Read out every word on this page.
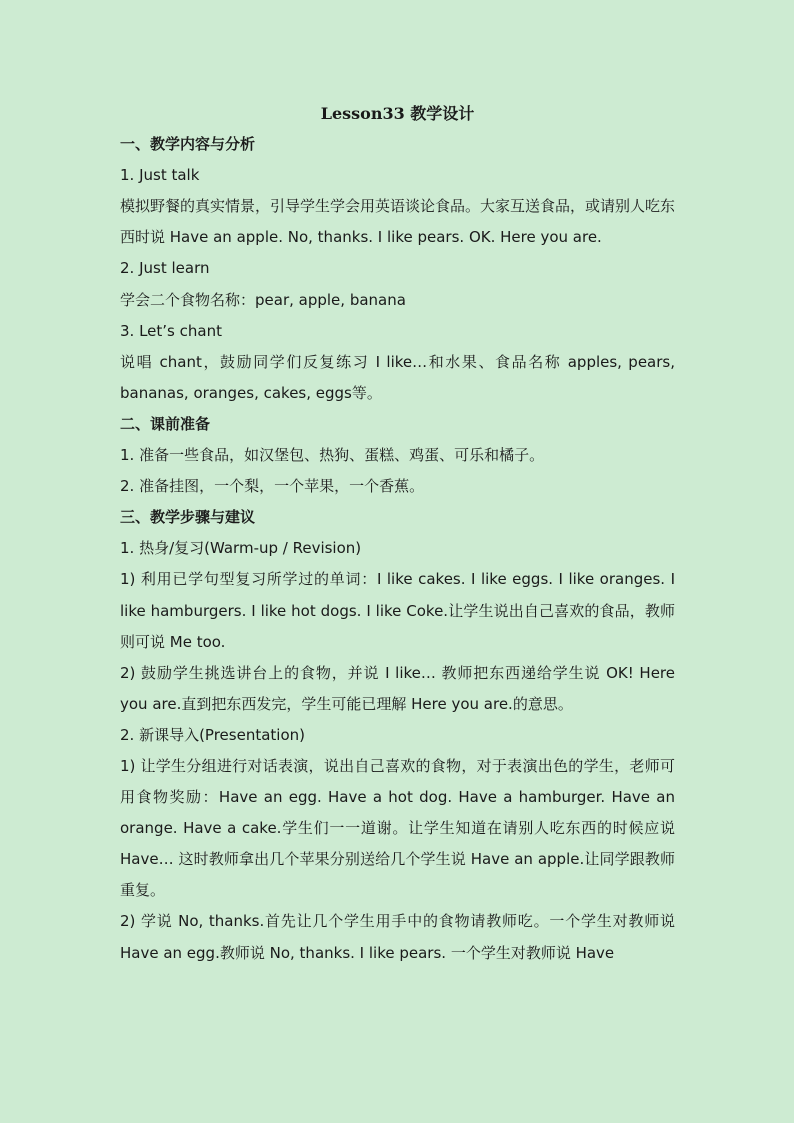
Lesson33 教学设计

一、教学内容与分析

1. Just talk

模拟野餐的真实情景，引导学生学会用英语谈论食品。大家互送食品，或请别人吃东西时说 Have an apple. No, thanks. I like pears. OK. Here you are.

2. Just learn

学会二个食物名称：pear, apple, banana

3. Let’s chant

说唱 chant，鼓励同学们反复练习 I like…和水果、食品名称 apples, pears, bananas, oranges, cakes, eggs等。

二、课前准备

1. 准备一些食品，如汉堡包、热狗、蛋糕、鸡蛋、可乐和橘子。

2. 准备挂图，一个梨，一个苹果，一个香蕉。

三、教学步骤与建议

1. 热身/复习(Warm-up / Revision)

1) 利用已学句型复习所学过的单词：I like cakes. I like eggs. I like oranges. I like hamburgers. I like hot dogs. I like Coke.让学生说出自己喜欢的食品，教师则可说 Me too.

2) 鼓励学生挑选讲台上的食物，并说 I like… 教师把东西递给学生说 OK! Here you are.直到把东西发完，学生可能已理解 Here you are.的意思。

2. 新课导入(Presentation)

1) 让学生分组进行对话表演，说出自己喜欢的食物，对于表演出色的学生，老师可用食物奖励：Have an egg. Have a hot dog. Have a hamburger. Have an orange. Have a cake.学生们一一道谢。让学生知道在请别人吃东西的时候应说 Have… 这时教师拿出几个苹果分别送给几个学生说 Have an apple.让同学跟教师重复。

2) 学说 No, thanks.首先让几个学生用手中的食物请教师吃。一个学生对教师说 Have an egg.教师说 No, thanks. I like pears. 一个学生对教师说 Have
